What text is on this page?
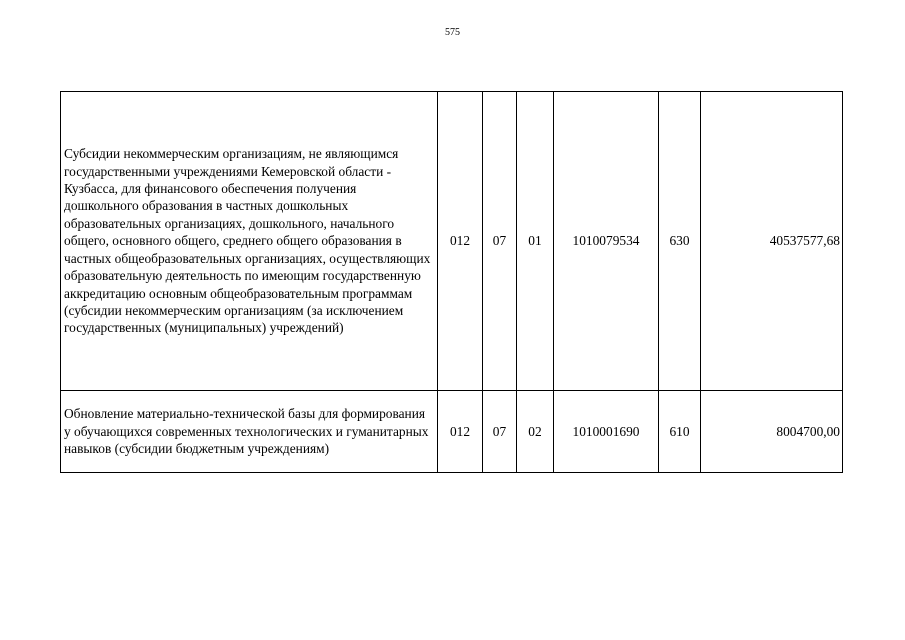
575
Субсидии некоммерческим организациям, не являющимся государственными учреждениями Кемеровской области - Кузбасса, для финансового обеспечения получения дошкольного образования в частных дошкольных образовательных организациях, дошкольного, начального общего, основного общего, среднего общего образования в частных общеобразовательных организациях, осуществляющих образовательную деятельность по имеющим государственную аккредитацию основным общеобразовательным программам (субсидии некоммерческим организациям (за исключением государственных (муниципальных) учреждений)	012	07	01	1010079534	630	40537577,68
Обновление материально-технической базы для формирования у обучающихся современных технологических и гуманитарных навыков (субсидии бюджетным учреждениям)	012	07	02	1010001690	610	8004700,00
